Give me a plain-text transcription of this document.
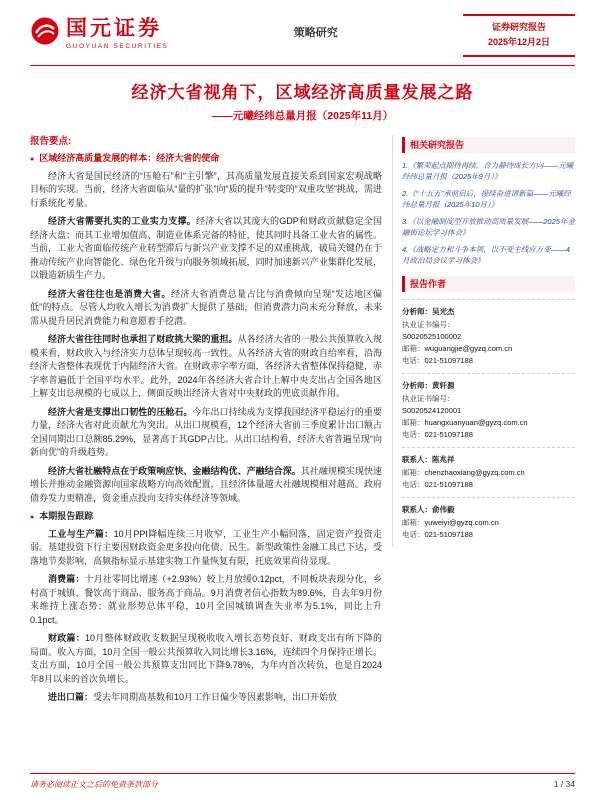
国元证券
GUOYUAN SECURITIES
策略研究	证券研究报告
2025年12月2日
经济大省视角下，区域经济高质量发展之路
——元曦经纬总量月报（2025年11月）
报告要点:
● 区域经济高质量发展的样本：经济大省的使命
经济大省是国民经济的“压舱石”和“主引擎”，其高质量发展直接关系到国家宏观战略目标的实现。当前，经济大省面临从“量的扩张”向“质的提升”转变的“双重攻坚”挑战，需进行系统化考量。
经济大省需要扎实的工业实力支撑。经济大省以其庞大的GDP和财政贡献稳定全国经济大盘；而其工业增加值高、制造业体系完备的特征，使其同时具备工业大省的属性。当前，工业大省面临传统产业转型滞后与新兴产业支撑不足的双重挑战，破局关键仍在于推动传统产业向智能化、绿色化升级与向服务领域拓展，同时加速新兴产业集群化发展，以锻造新质生产力。
经济大省往往也是消费大省。经济大省消费总量占比与消费倾向呈现“发达地区偏低”的特点。尽管人均收入增长为消费扩大提供了基础，但消费潜力尚未充分释放，未来需从提升居民消费能力和意愿着手挖潜。
经济大省往往同时也承担了财政挑大梁的重担。从各经济大省的一般公共预算收入规模来看，财政收入与经济实力总体呈现较高一致性。从各经济大省的财政自给率看，沿海经济大省整体表现优于内陆经济大省。在财政赤字率方面，各经济大省整体保持稳健，赤字率普遍低于全国平均水平。此外，2024年各经济大省合计上解中央支出占全国各地区上解支出总规模的七成以上，侧面反映出经济大省对中央财政的兜底贡献作用。
经济大省是支撑出口韧性的压舱石。今年出口持续成为支撑我国经济平稳运行的重要力量，经济大省对此贡献尤为突出。从出口规模看，12个经济大省前三季度累计出口额占全国同期出口总额85.29%，显著高于其GDP占比。从出口结构看，经济大省普遍呈现“向新向优”的升级趋势。
经济大省社融特点在于政策响应快、金融结构优、产融结合深。其社融规模实现快速增长并推动金融资源向国家战略方向高效配置，且经济体量越大社融规模相对越高。政府债券发力更精准，资金重点投向支持实体经济等领域。
● 本期报告跟踪
工业与生产篇：10月PPI降幅连续三月收窄，工业生产小幅回落，固定资产投资走弱。基建投资下行主要因财政资金更多投向化债、民生。新型政策性金融工具已下达，受落地节奏影响，高频指标显示基建实物工作量恢复有限，托底效果尚待显现。
消费篇：十月社零同比增速（+2.93%）较上月放缓0.12pct，不同板块表现分化，乡村高于城镇、餐饮高于商品、服务高于商品。9月消费者信心指数为89.6%，自去年9月份来维持上涨态势；就业形势总体平稳，10月全国城镇调查失业率为5.1%，同比上升0.1pct。
财政篇：10月整体财政收支数据呈现税收收入增长态势良好、财政支出有所下降的局面。收入方面，10月全国一般公共预算收入同比增长3.16%，连续四个月保持正增长。支出方面，10月全国一般公共预算支出同比下降9.78%，为年内首次转负，也是自2024年8月以来的首次负增长。
进出口篇：受去年同期高基数和10月工作日偏少等因素影响，出口开始放
相关研究报告
1.《繁荣起点期待再续，合力静待成长方向——元曦经纬总量月报（2025年9月）》
2.《“十五五”承前启后，接续奋进谱新篇——元曦经纬总量月报（2025年10月）》
3.《以金融制度型开放推动高质量发展——2025年金融街论坛学习体会》
4.《战略定力和斗争本领，以不变主线应万变——4月政治局会议学习体会》
报告作者
分析师：吴光杰
执业证书编号：
S0020525100002
邮箱：wuguangjie@gyzq.com.cn
电话：021-51097188
分析师：黄轩源
执业证书编号：
S0020524120001
邮箱：huangxuanyuan@gyzq.com.cn
电话：021-51097188
联系人：陈兆祥
邮箱：chenzhaoxiang@gyzq.com.cn
电话：021-51097188
联系人：俞伟毅
邮箱：yuweiyi@gyzq.com.cn
电话：021-51097188
请务必阅读正文之后的免责条款部分	1 / 34
